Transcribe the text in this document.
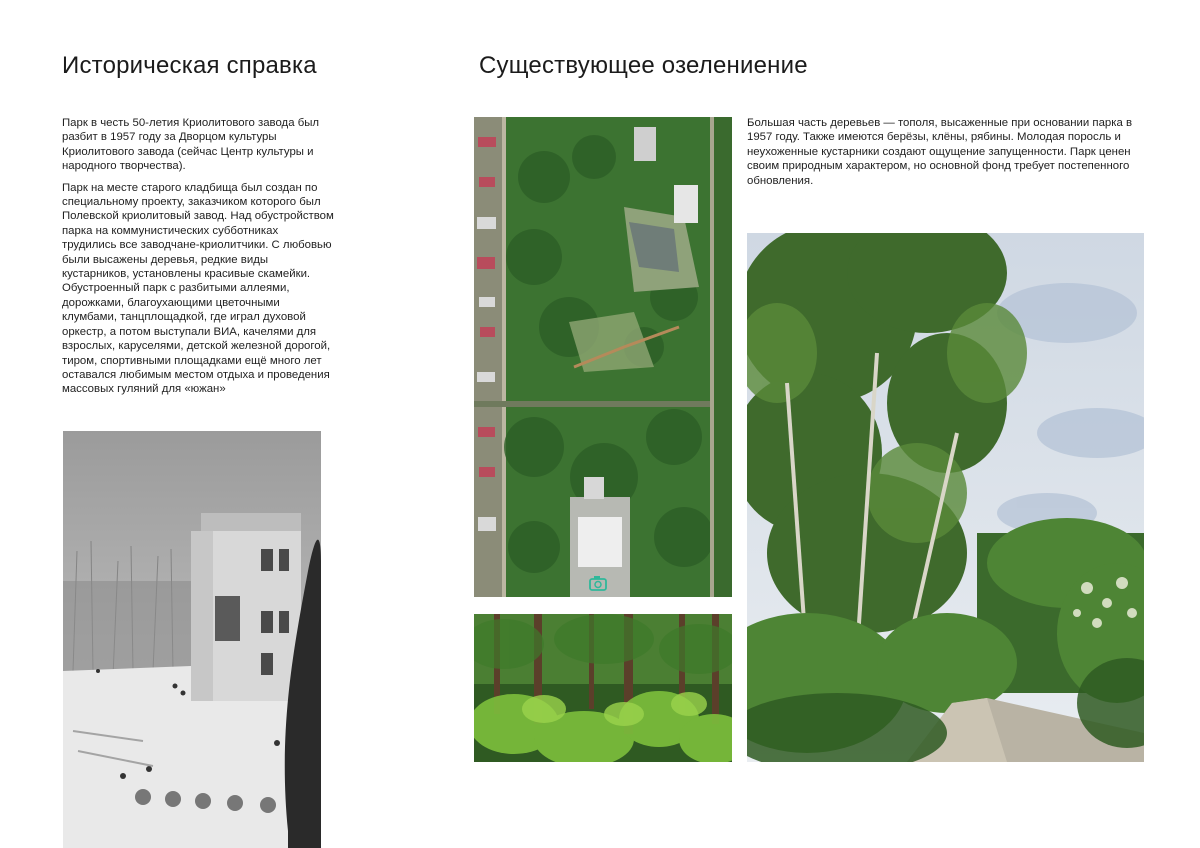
Историческая справка	Существующее озелениение

Парк в честь 50-летия Криолитового завода был разбит в 1957 году за Дворцом культуры Криолитового завода (сейчас Центр культуры и народного творчества).

Парк на месте старого кладбища был создан по специальному проекту, заказчиком которого был Полевской криолитовый завод. Над обустройством парка на коммунистических субботниках трудились все заводчане-криолитчики. С любовью были высажены деревья, редкие виды кустарников, установлены красивые скамейки. Обустроенный парк с разбитыми аллеями, дорожками, благоухающими цветочными клумбами, танцплощадкой, где играл духовой оркестр, а потом выступали ВИА, качелями для взрослых, каруселями, детской железной дорогой, тиром, спортивными площадками ещё много лет оставался любимым местом отдыха и проведения массовых гуляний для «южан»

Большая часть деревьев — тополя, высаженные при основании парка в 1957 году. Также имеются берёзы, клёны, рябины. Молодая поросль и неухоженные кустарники создают ощущение запущенности. Парк ценен своим природным характером, но основной фонд требует постепенного обновления.
